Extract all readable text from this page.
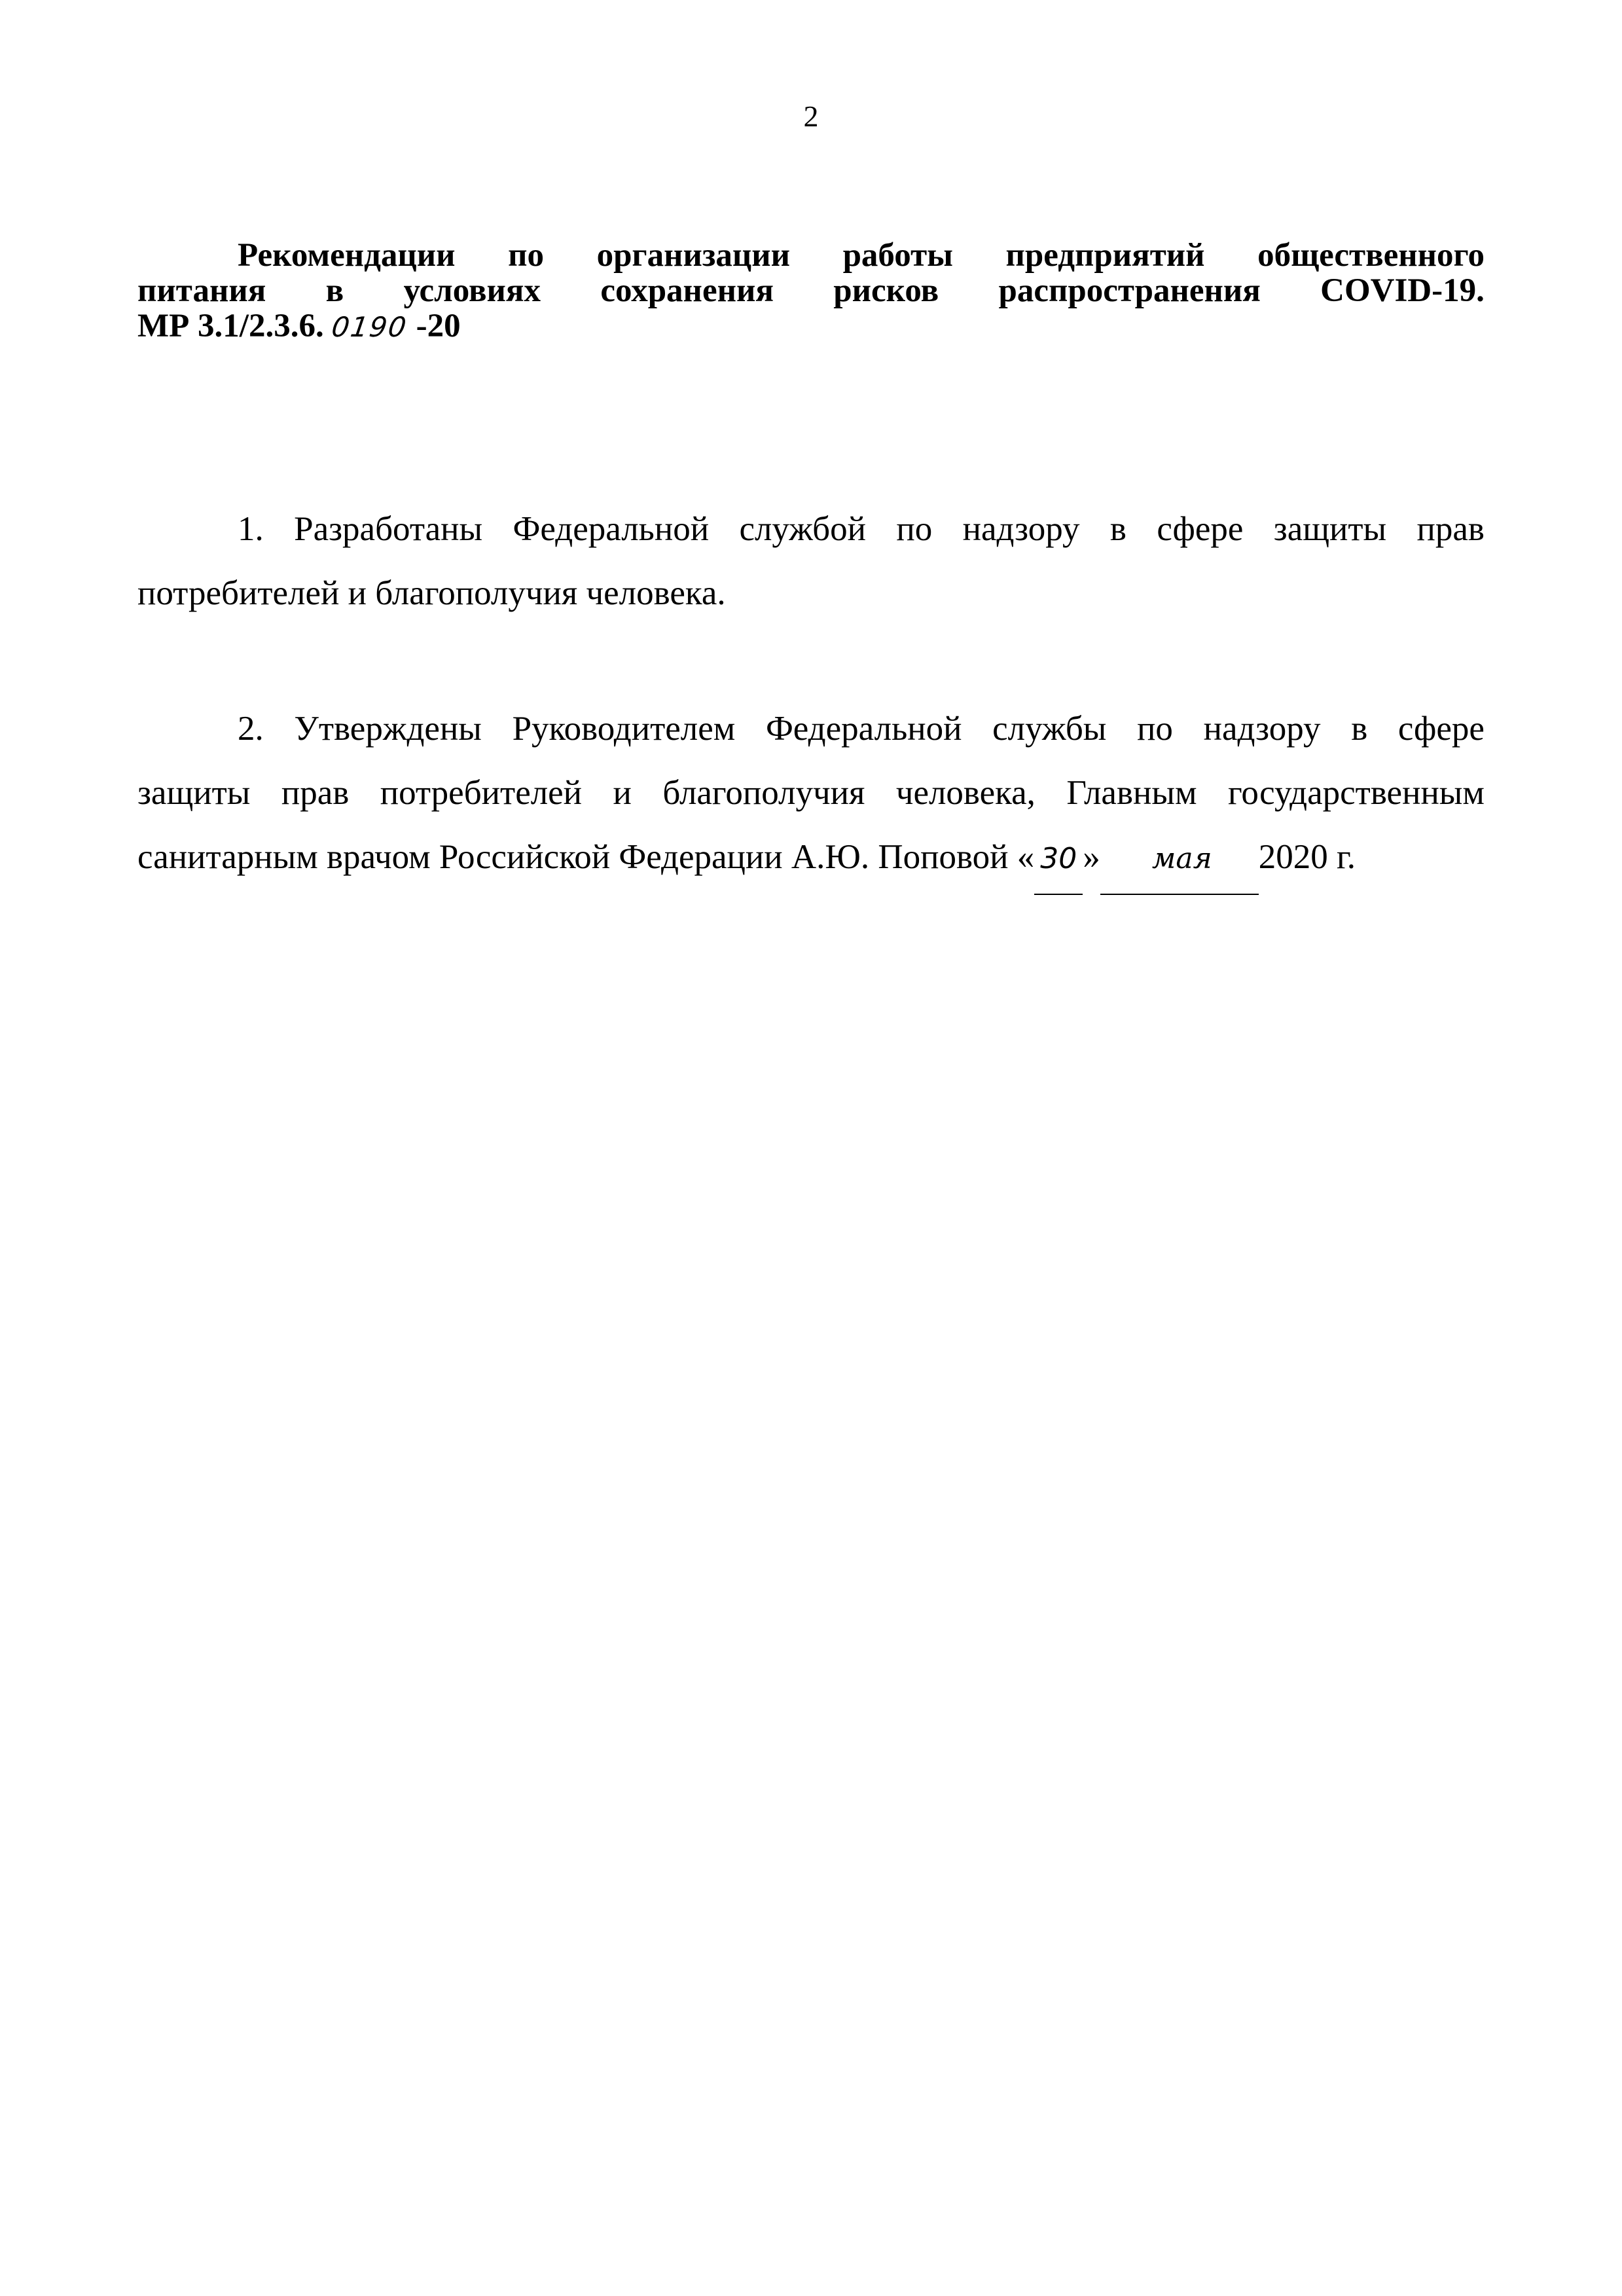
2
Рекомендации по организации работы предприятий общественного
питания в условиях сохранения рисков распространения COVID-19.
МР 3.1/2.3.6. 0190 -20
1. Разработаны Федеральной службой по надзору в сфере защиты прав
потребителей и благополучия человека.
2. Утверждены Руководителем Федеральной службы по надзору в сфере
защиты прав потребителей и благополучия человека, Главным государственным
санитарным врачом Российской Федерации А.Ю. Поповой « 30 » мая 2020 г.
